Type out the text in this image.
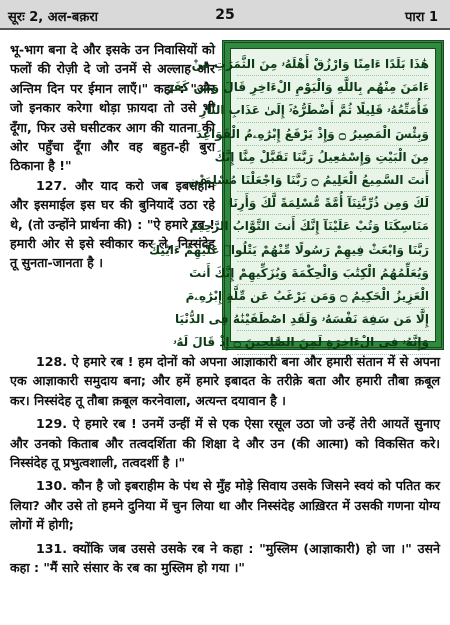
सूरः 2, अल-बक़रा	25	पारा 1

भू-भाग बना दे और इसके उन निवासियों को फलों की रोज़ी दे जो उनमें से अल्लाह और अन्तिम दिन पर ईमान लाएँ।" कहा : "और जो इनकार करेगा थोड़ा फ़ायदा तो उसे भी दूँगा, फिर उसे घसीटकर आग की यातना की ओर पहुँचा दूँगा और वह बहुत-ही बुरा ठिकाना है !"

127. और याद करो जब इबराहीम और इसमाईल इस घर की बुनियादें उठा रहे थे, (तो उन्होंने प्रार्थना की) : "ऐ हमारे रब ! हमारी ओर से इसे स्वीकार कर ले, निस्संदेह तू सुनता-जानता है ।

هَٰذَا بَلَدًا ءَامِنًا وَارْزُقْ أَهْلَهُۥ مِنَ الثَّمَرَٰتِ مَنْ
ءَامَنَ مِنْهُم بِاللَّهِ وَالْيَوْمِ الْءَاخِرِ قَالَ وَمَن كَفَرَ
فَأُمَتِّعُهُۥ قَلِيلًا ثُمَّ أَضْطَرُّهُۥٓ إِلَىٰ عَذَابِ النَّارِ
وَبِئْسَ الْمَصِيرُ ۝ وَإِذْ يَرْفَعُ إِبْرَٰهِۦمُ الْقَوَاعِدَ
مِنَ الْبَيْتِ وَإِسْمَٰعِيلُ رَبَّنَا تَقَبَّلْ مِنَّا إِنَّكَ
أَنتَ السَّمِيعُ الْعَلِيمُ ۝ رَبَّنَا وَاجْعَلْنَا مُسْلِمَيْنِ
لَكَ وَمِن ذُرِّيَّتِنَآ أُمَّةً مُّسْلِمَةً لَّكَ وَأَرِنَا
مَنَاسِكَنَا وَتُبْ عَلَيْنَآ إِنَّكَ أَنتَ التَّوَّابُ الرَّحِيمُ
رَبَّنَا وَابْعَثْ فِيهِمْ رَسُولًا مِّنْهُمْ يَتْلُوا۟ عَلَيْهِمْ ءَايَٰتِكَ
وَيُعَلِّمُهُمُ الْكِتَٰبَ وَالْحِكْمَةَ وَيُزَكِّيهِمْ إِنَّكَ أَنتَ
الْعَزِيزُ الْحَكِيمُ ۝ وَمَن يَرْغَبُ عَن مِّلَّةِ إِبْرَٰهِۦمَ
إِلَّا مَن سَفِهَ نَفْسَهُۥ وَلَقَدِ اصْطَفَيْنَٰهُ فِى الدُّنْيَا
وَإِنَّهُۥ فِى الْءَاخِرَةِ لَمِنَ الصَّٰلِحِينَ ۝ إِذْ قَالَ لَهُۥ

128. ऐ हमारे रब ! हम दोनों को अपना आज्ञाकारी बना और हमारी संतान में से अपना एक आज्ञाकारी समुदाय बना; और हमें हमारे इबादत के तरीक़े बता और हमारी तौबा क़बूल कर। निस्संदेह तू तौबा क़बूल करनेवाला, अत्यन्त दयावान है ।

129. ऐ हमारे रब ! उनमें उन्हीं में से एक ऐसा रसूल उठा जो उन्हें तेरी आयतें सुनाए और उनको किताब और तत्वदर्शिता की शिक्षा दे और उन (की आत्मा) को विकसित करे। निस्संदेह तू प्रभुत्वशाली, तत्वदर्शी है ।"

130. कौन है जो इबराहीम के पंथ से मुँह मोड़े सिवाय उसके जिसने स्वयं को पतित कर लिया? और उसे तो हमने दुनिया में चुन लिया था और निस्संदेह आख़िरत में उसकी गणना योग्य लोगों में होगी;

131. क्योंकि जब उससे उसके रब ने कहा : "मुस्लिम (आज्ञाकारी) हो जा ।" उसने कहा : "मैं सारे संसार के रब का मुस्लिम हो गया ।"
